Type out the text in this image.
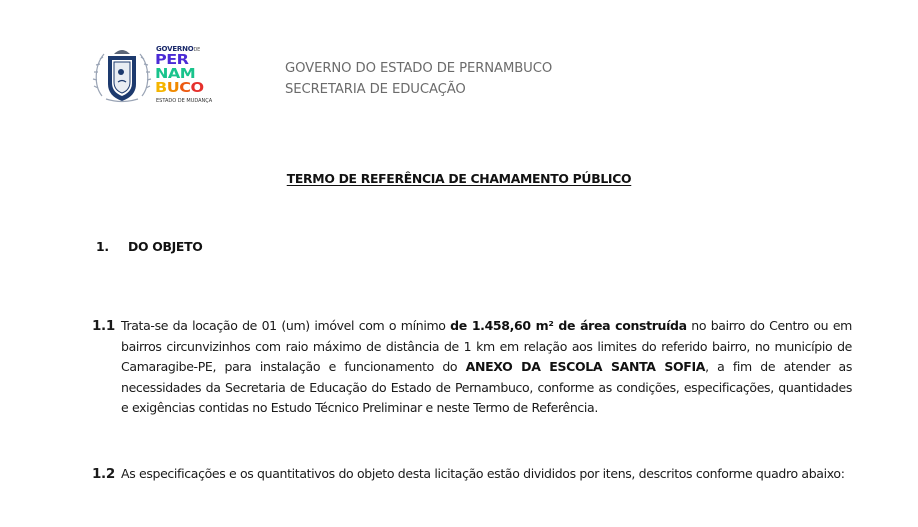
GOVERNODE
PER
NAM
BUCO
ESTADO DE MUDANÇA
GOVERNO DO ESTADO DE PERNAMBUCO
SECRETARIA DE EDUCAÇÃO
TERMO DE REFERÊNCIA DE CHAMAMENTO PÚBLICO
1. DO OBJETO
1.1 Trata-se da locação de 01 (um) imóvel com o mínimo de 1.458,60 m² de área construída no bairro do Centro ou em bairros circunvizinhos com raio máximo de distância de 1 km em relação aos limites do referido bairro, no município de Camaragibe-PE, para instalação e funcionamento do ANEXO DA ESCOLA SANTA SOFIA, a fim de atender as necessidades da Secretaria de Educação do Estado de Pernambuco, conforme as condições, especificações, quantidades e exigências contidas no Estudo Técnico Preliminar e neste Termo de Referência.
1.2 As especificações e os quantitativos do objeto desta licitação estão divididos por itens, descritos conforme quadro abaixo:
